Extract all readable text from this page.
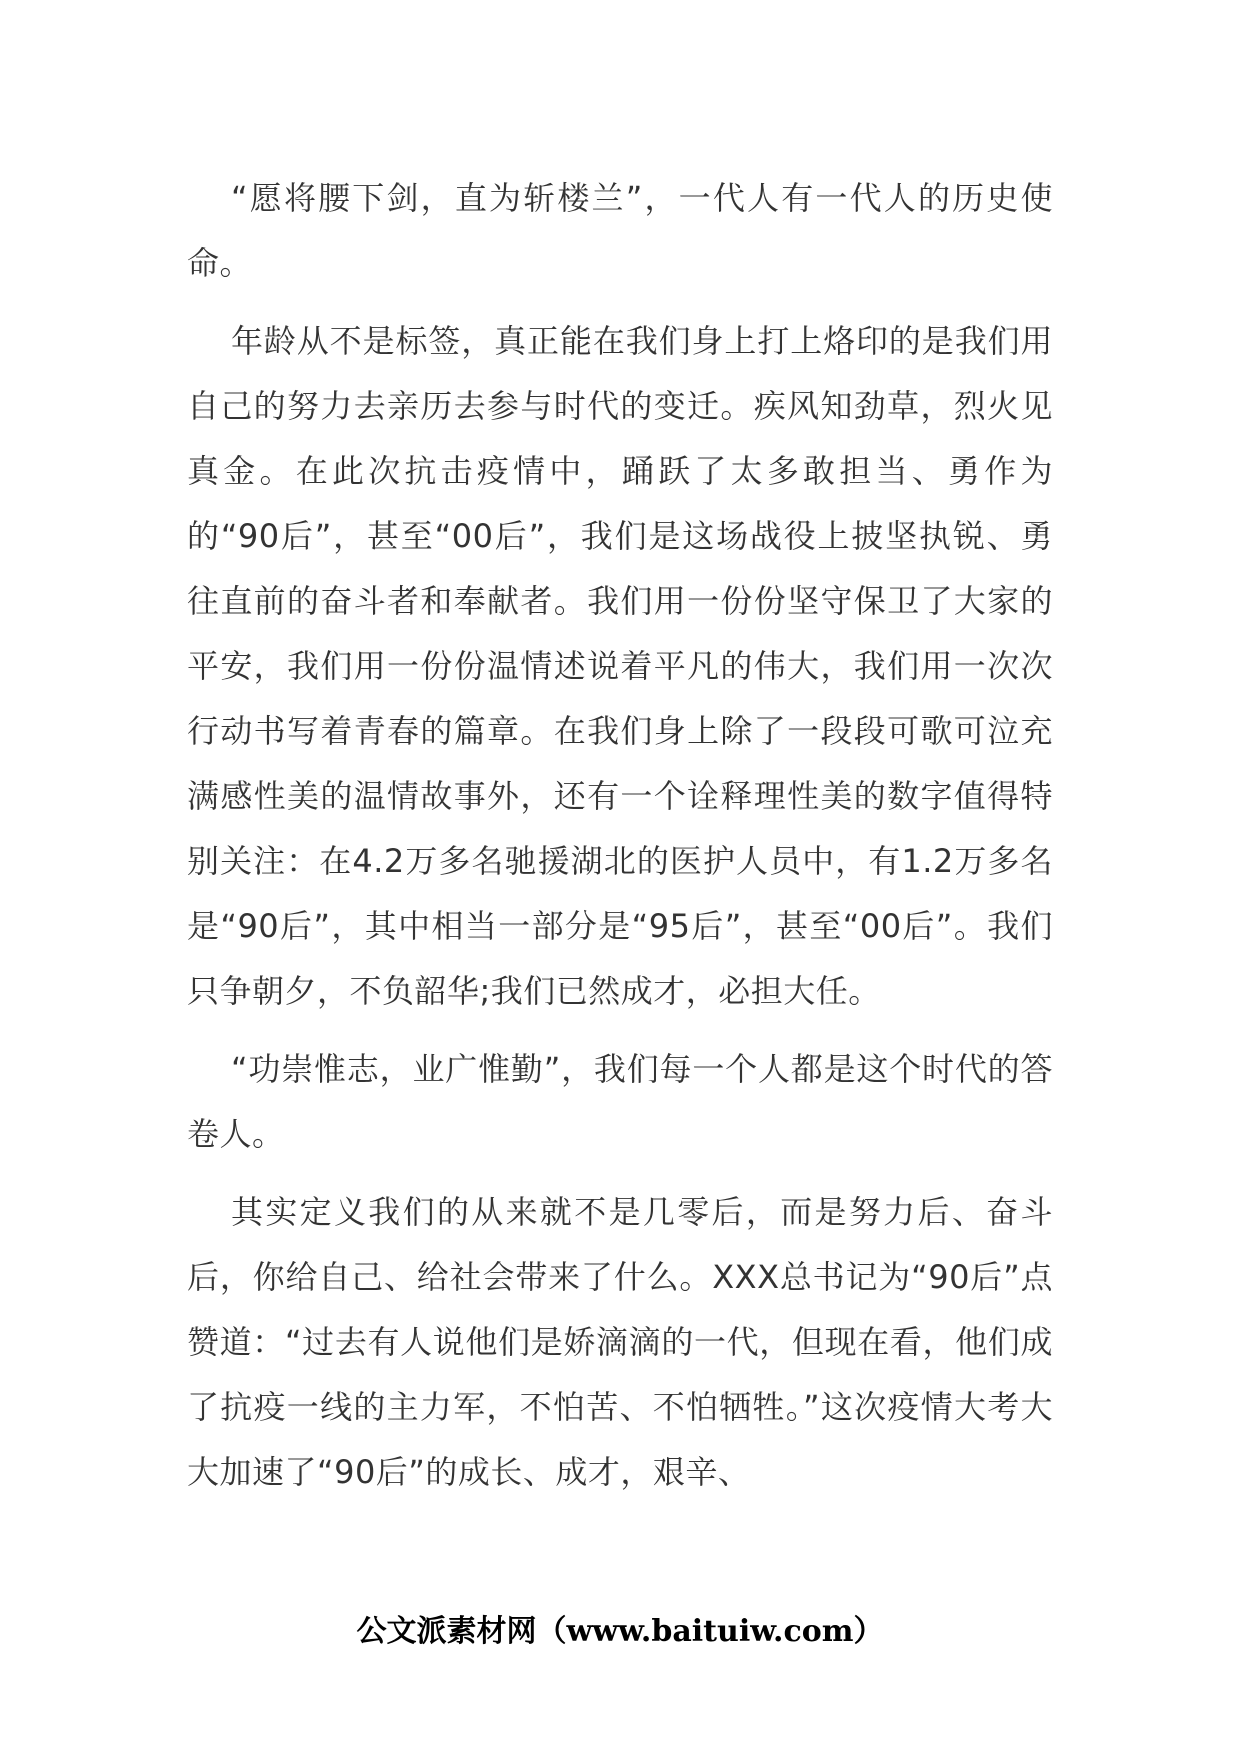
“愿将腰下剑，直为斩楼兰”，一代人有一代人的历史使命。

年龄从不是标签，真正能在我们身上打上烙印的是我们用自己的努力去亲历去参与时代的变迁。疾风知劲草，烈火见真金。在此次抗击疫情中，踊跃了太多敢担当、勇作为的“90后”，甚至“00后”，我们是这场战役上披坚执锐、勇往直前的奋斗者和奉献者。我们用一份份坚守保卫了大家的平安，我们用一份份温情述说着平凡的伟大，我们用一次次行动书写着青春的篇章。在我们身上除了一段段可歌可泣充满感性美的温情故事外，还有一个诠释理性美的数字值得特别关注：在4.2万多名驰援湖北的医护人员中，有1.2万多名是“90后”，其中相当一部分是“95后”，甚至“00后”。我们只争朝夕，不负韶华;我们已然成才，必担大任。

“功崇惟志，业广惟勤”，我们每一个人都是这个时代的答卷人。

其实定义我们的从来就不是几零后，而是努力后、奋斗后，你给自己、给社会带来了什么。XXX总书记为“90后”点赞道：“过去有人说他们是娇滴滴的一代，但现在看，他们成了抗疫一线的主力军，不怕苦、不怕牺牲。”这次疫情大考大大加速了“90后”的成长、成才，艰辛、

公文派素材网（www.baituiw.com）
